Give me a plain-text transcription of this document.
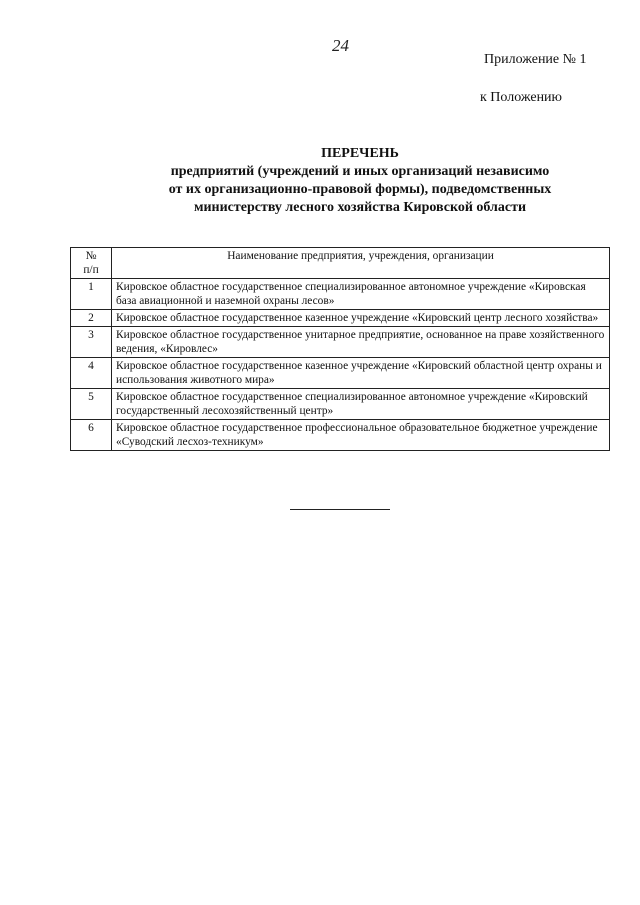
24
Приложение № 1
к Положению
ПЕРЕЧЕНЬ
предприятий (учреждений и иных организаций независимо
от их организационно-правовой формы), подведомственных
министерству лесного хозяйства Кировской области
№
п/п	Наименование предприятия, учреждения, организации
1	Кировское областное государственное специализированное автономное учреждение «Кировская база авиационной и наземной охраны лесов»
2	Кировское областное государственное казенное учреждение «Кировский центр лесного хозяйства»
3	Кировское областное государственное унитарное предприятие, основанное на праве хозяйственного ведения, «Кировлес»
4	Кировское областное государственное казенное учреждение «Кировский областной центр охраны и использования животного мира»
5	Кировское областное государственное специализированное автономное учреждение «Кировский государственный лесохозяйственный центр»
6	Кировское областное государственное профессиональное образовательное бюджетное учреждение «Суводский лесхоз-техникум»
